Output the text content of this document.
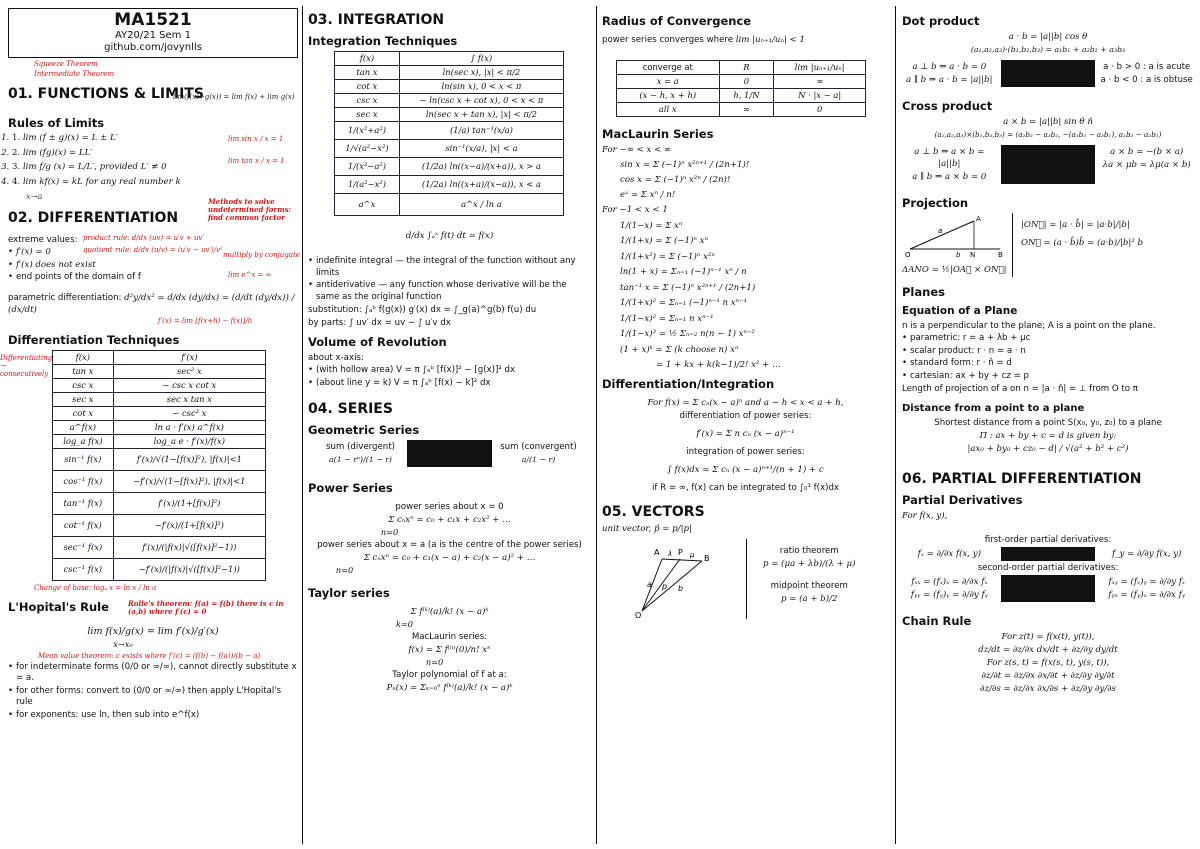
MA1521
AY20/21 Sem 1
github.com/jovynlls
Squeeze Theorem
Intermediate Theorem
01. FUNCTIONS & LIMITS
lim(f(x)+g(x)) = lim f(x) + lim g(x)
lim sin x / x = 1
lim tan x / x = 1
Rules of Limits
1. 1. lim (f ± g)(x) = L ± L′
2. 2. lim (fg)(x) = LL′
3. 3. lim f/g (x) = L/L′, provided L′ ≠ 0
4. 4. lim kf(x) = kL for any real number k
x→a
02. DIFFERENTIATION
Methods to solve undetermined forms: find common factor
extreme values: product rule: d/dx (uv) = u′v + uv′
quotient rule: d/dx (u/v) = (u′v − uv′)/v²
• f′(x) = 0
• f′(x) does not exist
• end points of the domain of f
multiply by conjugate
lim e^x = ∞
parametric differentiation: d²y/dx² = d/dx (dy/dx) = (d/dt (dy/dx)) / (dx/dt)
f′(x) = lim [f(x+h) − f(x)]/h
Differentiation Techniques
Differentiating → consecutively
f(x)	f′(x)
tan x	sec² x
csc x	− csc x cot x
sec x	sec x tan x
cot x	− csc² x
a^f(x)	ln a · f′(x) a^f(x)
log_a f(x)	log_a e · f′(x)/f(x)
sin⁻¹ f(x)	f′(x)/√(1−[f(x)]²), |f(x)|<1
cos⁻¹ f(x)	−f′(x)/√(1−[f(x)]²), |f(x)|<1
tan⁻¹ f(x)	f′(x)/(1+[f(x)]²)
cot⁻¹ f(x)	−f′(x)/(1+[f(x)]²)
sec⁻¹ f(x)	f′(x)/(|f(x)|√([f(x)]²−1))
csc⁻¹ f(x)	−f′(x)/(|f(x)|√([f(x)]²−1))
Change of base: logₐ x = ln x / ln a
L'Hopital's Rule	Rolle's theorem: f(a) = f(b) there is c in (a,b) where f′(c) = 0
lim f(x)/g(x) = lim f′(x)/g′(x)
x→x₀
Mean value theorem: c exists where f′(c) = (f(b) − f(a))/(b − a)
• for indeterminate forms (0/0 or ∞/∞), cannot directly substitute x = a.
• for other forms: convert to (0/0 or ∞/∞) then apply L'Hopital's rule
• for exponents: use ln, then sub into e^f(x)
03. INTEGRATION
Integration Techniques
f(x)	∫ f(x)
tan x	ln(sec x), |x| < π/2
cot x	ln(sin x), 0 < x < π
csc x	− ln(csc x + cot x), 0 < x < π
sec x	ln(sec x + tan x), |x| < π/2
1/(x²+a²)	(1/a) tan⁻¹(x/a)
1/√(a²−x²)	sin⁻¹(x/a), |x| < a
1/(x²−a²)	(1/2a) ln((x−a)/(x+a)), x > a
1/(a²−x²)	(1/2a) ln((x+a)/(x−a)), x < a
a^x	a^x / ln a
d/dx ∫ₐˣ f(t) dt = f(x)
• indefinite integral — the integral of the function without any limits
• antiderivative — any function whose derivative will be the same as the original function
substitution: ∫ₐᵇ f(g(x)) g′(x) dx = ∫_g(a)^g(b) f(u) du
by parts: ∫ uv′ dx = uv − ∫ u′v dx
Volume of Revolution
about x-axis:
• (with hollow area) V = π ∫ₐᵇ [f(x)]² − [g(x)]² dx
• (about line y = k) V = π ∫ₐᵇ [f(x) − k]² dx
04. SERIES
Geometric Series
sum (divergent)
a(1 − rⁿ)/(1 − r)
sum (convergent)
a/(1 − r)
Power Series
power series about x = 0
Σ cₙxⁿ = c₀ + c₁x + c₂x² + …
n=0
power series about x = a (a is the centre of the power series)
Σ cₙxⁿ = c₀ + c₁(x − a) + c₂(x − a)² + …
n=0
Taylor series
Σ f⁽ᵏ⁾(a)/k! (x − a)ᵏ
k=0
MacLaurin series:
f(x) = Σ f⁽ⁿ⁾(0)/n! xⁿ
n=0
Taylor polynomial of f at a:
Pₙ(x) = Σₖ₌₀ⁿ f⁽ᵏ⁾(a)/k! (x − a)ᵏ
Radius of Convergence
power series converges where lim |uₙ₊₁/uₙ| < 1
converge at	R	lim |uₙ₊₁/uₙ|
x = a	0	∞
(x − h, x + h)	h, 1/N	N · |x − a|
all x	∞	0
MacLaurin Series
For −∞ < x < ∞
sin x = Σ (−1)ⁿ x²ⁿ⁺¹ / (2n+1)!
cos x = Σ (−1)ⁿ x²ⁿ / (2n)!
eˣ = Σ xⁿ / n!
For −1 < x < 1
1/(1−x) = Σ xⁿ
1/(1+x) = Σ (−1)ⁿ xⁿ
1/(1+x²) = Σ (−1)ⁿ x²ⁿ
ln(1 + x) = Σₙ₌₁ (−1)ⁿ⁻¹ xⁿ / n
tan⁻¹ x = Σ (−1)ⁿ x²ⁿ⁺¹ / (2n+1)
1/(1+x)² = Σₙ₌₁ (−1)ⁿ⁻¹ n xⁿ⁻¹
1/(1−x)² = Σₙ₌₁ n xⁿ⁻¹
1/(1−x)³ = ½ Σₙ₌₂ n(n − 1) xⁿ⁻²
(1 + x)ᵏ = Σ (k choose n) xⁿ
= 1 + kx + k(k−1)/2! x² + …
Differentiation/Integration
For f(x) = Σ cₙ(x − a)ⁿ and a − h < x < a + h,
differentiation of power series:
f′(x) = Σ n cₙ (x − a)ⁿ⁻¹
integration of power series:
∫ f(x)dx = Σ cₙ (x − a)ⁿ⁺¹/(n + 1) + c
if R = ∞, f(x) can be integrated to ∫₀¹ f(x)dx
05. VECTORS
unit vector, p̂ = p/|p|
A
B
P
O
a p b
λ	μ	ratio theorem
p = (μa + λb)/(λ + μ)
midpoint theorem
p = (a + b)/2
Dot product
a · b = |a||b| cos θ
(a₁,a₂,a₃)·(b₁,b₂,b₃) = a₁b₁ + a₂b₂ + a₃b₃
a ⊥ b ⇒ a · b = 0
a ∥ b ⇒ a · b = |a||b|
a · b > 0 : a is acute
a · b < 0 : a is obtuse
Cross product
a × b = |a||b| sin θ n̂
(a₁,a₂,a₃)×(b₁,b₂,b₃) = (a₂b₃ − a₃b₂, −(a₁b₃ − a₃b₁), a₁b₂ − a₂b₁)
a ⊥ b ⇒ a × b = |a||b|
a ∥ b ⇒ a × b = 0
a × b = −(b × a)
λa × μb = λμ(a × b)
Projection
A
N	B
O
a
b
ΔANO = ½|OA⃗ × ON⃗|
|ON⃗| = |a · b̂| = |a·b|/|b|
ON⃗ = (a · b̂)b̂ = (a·b)/|b|² b
Planes
Equation of a Plane
n is a perpendicular to the plane; A is a point on the plane.
• parametric: r = a + λb + μc
• scalar product: r · n = a · n
• standard form: r · n̂ = d
• cartesian: ax + by + cz = p
Length of projection of a on n = |a · n̂| = ⊥ from O to π
Distance from a point to a plane
Shortest distance from a point S(x₀, y₀, z₀) to a plane
Π : ax + by + c = d is given by:
|ax₀ + by₀ + cz₀ − d| / √(a² + b² + c²)
06. PARTIAL DIFFERENTIATION
Partial Derivatives
For f(x, y),
first-order partial derivatives:
fₓ = ∂/∂x f(x, y)	f_y = ∂/∂y f(x, y)
second-order partial derivatives:
fₓₓ = (fₓ)ₓ = ∂/∂x fₓ
fᵧᵧ = (fᵧ)ᵧ = ∂/∂y fᵧ
fₓᵧ = (fₓ)ᵧ = ∂/∂y fₓ
fᵧₓ = (fᵧ)ₓ = ∂/∂x fᵧ
Chain Rule
For z(t) = f(x(t), y(t)),
dz/dt = ∂z/∂x dx/dt + ∂z/∂y dy/dt
For z(s, t) = f(x(s, t), y(s, t)),
∂z/∂t = ∂z/∂x ∂x/∂t + ∂z/∂y ∂y/∂t
∂z/∂s = ∂z/∂x ∂x/∂s + ∂z/∂y ∂y/∂s
